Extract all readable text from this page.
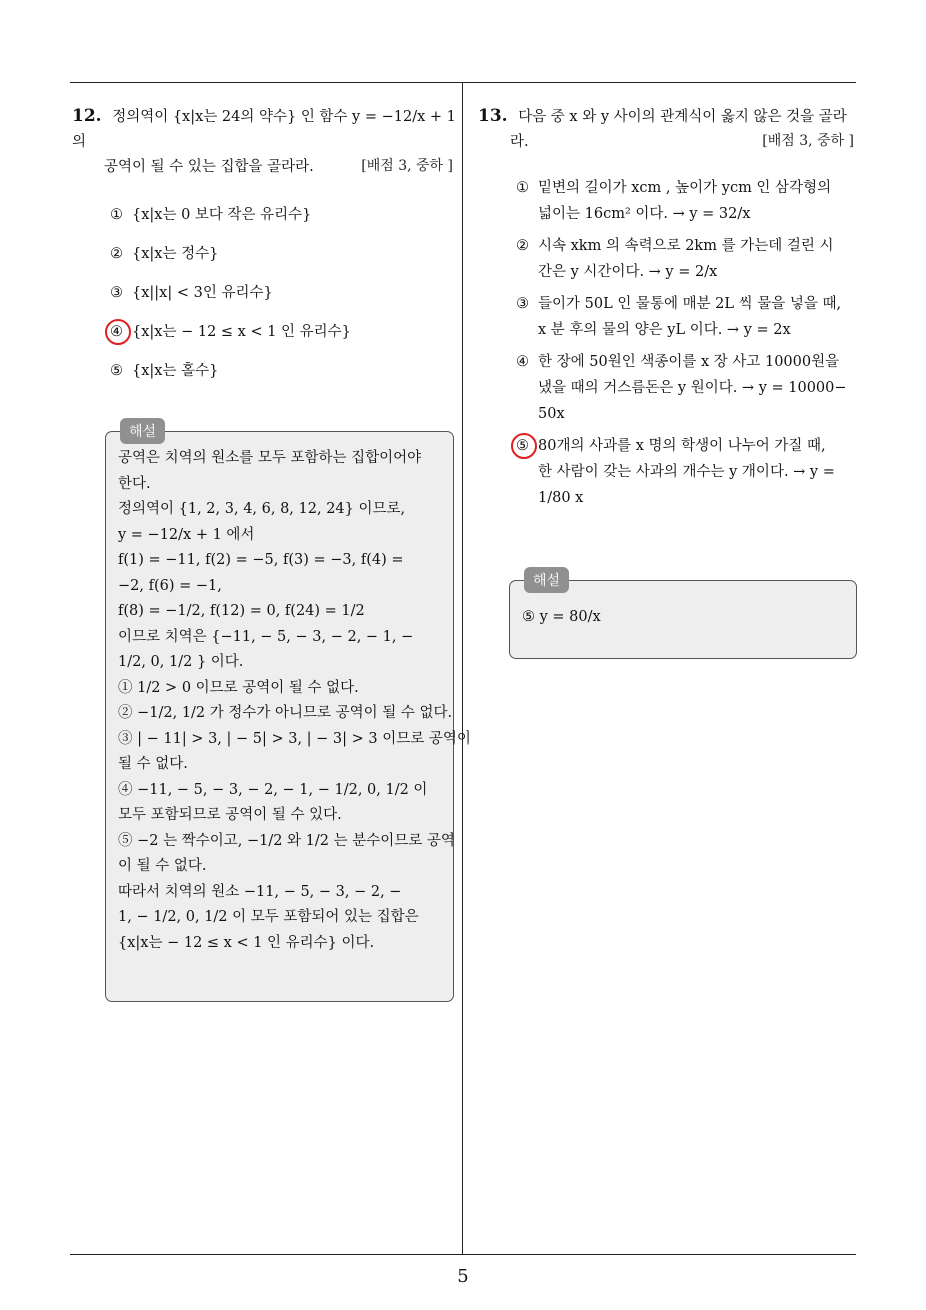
5
12. 정의역이 {x|x는 24의 약수} 인 함수 y = −12/x + 1 의
공역이 될 수 있는 집합을 골라라.	[배점 3, 중하 ]
① {x|x는 0 보다 작은 유리수}
② {x|x는 정수}
③ {x||x| < 3인 유리수}
④ {x|x는 − 12 ≤ x < 1 인 유리수}
⑤ {x|x는 홀수}
해설
공역은 치역의 원소를 모두 포함하는 집합이어야
한다.
정의역이 {1, 2, 3, 4, 6, 8, 12, 24} 이므로,
y = −12/x + 1 에서
f(1) = −11, f(2) = −5, f(3) = −3, f(4) =
−2, f(6) = −1,
f(8) = −1/2, f(12) = 0, f(24) = 1/2
이므로 치역은 {−11, − 5, − 3, − 2, − 1, −
1/2, 0, 1/2 } 이다.
① 1/2 > 0 이므로 공역이 될 수 없다.
② −1/2, 1/2 가 정수가 아니므로 공역이 될 수 없다.
③ | − 11| > 3, | − 5| > 3, | − 3| > 3 이므로 공역이
될 수 없다.
④ −11, − 5, − 3, − 2, − 1, − 1/2, 0, 1/2 이
모두 포함되므로 공역이 될 수 있다.
⑤ −2 는 짝수이고, −1/2 와 1/2 는 분수이므로 공역
이 될 수 없다.
따라서 치역의 원소 −11, − 5, − 3, − 2, −
1, − 1/2, 0, 1/2 이 모두 포함되어 있는 집합은
{x|x는 − 12 ≤ x < 1 인 유리수} 이다.
13. 다음 중 x 와 y 사이의 관계식이 옳지 않은 것을 골라
라.	[배점 3, 중하 ]
① 밑변의 길이가 xcm , 높이가 ycm 인 삼각형의
넓이는 16cm² 이다. → y = 32/x
② 시속 xkm 의 속력으로 2km 를 가는데 걸린 시
간은 y 시간이다. → y = 2/x
③ 들이가 50L 인 물통에 매분 2L 씩 물을 넣을 때,
x 분 후의 물의 양은 yL 이다. → y = 2x
④ 한 장에 50원인 색종이를 x 장 사고 10000원을
냈을 때의 거스름돈은 y 원이다. → y = 10000−
50x
⑤ 80개의 사과를 x 명의 학생이 나누어 가질 때,
한 사람이 갖는 사과의 개수는 y 개이다. → y =
1/80 x
해설
⑤ y = 80/x
